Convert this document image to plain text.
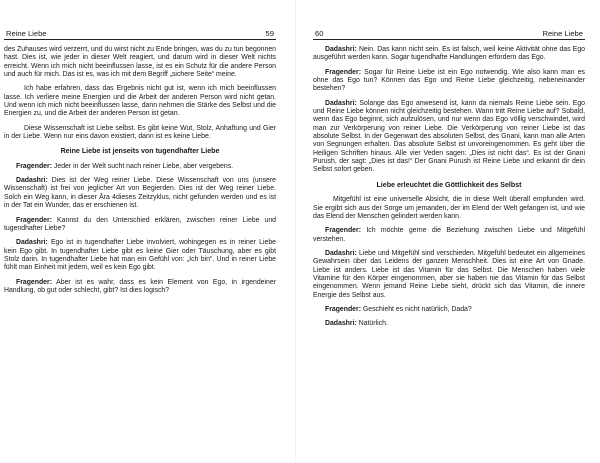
Reine Liebe	59

des Zuhauses wird verzerrt, und du wirst nicht zu Ende bringen, was du zu tun begonnen hast. Dies ist, wie jeder in dieser Welt reagiert, und darum wird in dieser Welt nichts erreicht. Wenn ich mich nicht beeinflussen lasse, ist es ein Schutz für die andere Person und auch für mich. Das ist es, was ich mit dem Begriff „sichere Seite“ meine.

Ich habe erfahren, dass das Ergebnis nicht gut ist, wenn ich mich beeinflussen lasse. Ich verliere meine Energien und die Arbeit der anderen Person wird nicht getan. Und wenn ich mich nicht beeinflussen lasse, dann nehmen die Stärke des Selbst und die Energien zu, und die Arbeit der anderen Person ist getan.

Diese Wissenschaft ist Liebe selbst. Es gibt keine Wut, Stolz, Anhaftung und Gier in der Liebe. Wenn nur eins davon existiert, dann ist es keine Liebe.

Reine Liebe ist jenseits von tugendhafter Liebe

Fragender: Jeder in der Welt sucht nach reiner Liebe, aber vergebens.

Dadashri: Dies ist der Weg reiner Liebe. Diese Wissenschaft von uns (unsere Wissenschaft) ist frei von jeglicher Art von Begierden. Dies ist der Weg reiner Liebe. Solch ein Weg kann, in dieser Āra 4dieses Zeitzyklus, nicht gefunden werden und es ist in der Tat ein Wunder, das er erschienen ist.

Fragender: Kannst du den Unterschied erklären, zwischen reiner Liebe und tugendhafter Liebe?

Dadashri: Ego ist in tugendhafter Liebe involviert, wohingegen es in reiner Liebe kein Ego gibt. In tugendhafter Liebe gibt es keine Gier oder Täuschung, aber es gibt Stolz darin. In tugendhafter Liebe hat man ein Gefühl von: „Ich bin“. Und in reiner Liebe fühlt man Einheit mit jedem, weil es kein Ego gibt.

Fragender: Aber ist es wahr, dass es kein Element von Ego, in irgendeiner Handlung, ob gut oder schlecht, gibt? Ist dies logisch?

60	Reine Liebe

Dadashri: Nein. Das kann nicht sein. Es ist falsch, weil keine Aktivität ohne das Ego ausgeführt werden kann. Sogar tugendhafte Handlungen erfordern das Ego.

Fragender: Sogar für Reine Liebe ist ein Ego notwendig. Wie also kann man es ohne das Ego tun? Können das Ego und Reine Liebe gleichzeitig, nebeneinander bestehen?

Dadashri: Solange das Ego anwesend ist, kann da niemals Reine Liebe sein. Ego und Reine Liebe können nicht gleichzeitig bestehen. Wann tritt Reine Liebe auf? Sobald, wenn das Ego beginnt, sich aufzulösen, und nur wenn das Ego völlig verschwindet, wird man zur Verkörperung von reiner Liebe. Die Verkörperung von reiner Liebe ist das absolute Selbst. In der Gegenwart des absoluten Selbst, des Gnani, kann man alle Arten von Segnungen erhalten. Das absolute Selbst ist unvoreingenommen. Es geht über die Heiligen Schriften hinaus. Alle vier Veden sagen: „Dies ist nicht das“. Es ist der Gnani Purush, der sagt: „Dies ist das!“ Der Gnani Purush ist Reine Liebe und erkannt dir dein Selbst sofort geben.

Liebe erleuchtet die Göttlichkeit des Selbst

Mitgefühl ist eine universelle Absicht, die in diese Welt überall empfunden wird. Sie ergibt sich aus der Sorge um jemanden, der im Elend der Welt gefangen ist, und wie das Elend der Menschen gelindert werden kann.

Fragender: Ich möchte gerne die Beziehung zwischen Liebe und Mitgefühl verstehen.

Dadashri: Liebe und Mitgefühl sind verschieden. Mitgefühl bedeutet ein allgemeines Gewahrsein über das Leidens der ganzen Menschheit. Dies ist eine Art von Gnade. Liebe ist anders. Liebe ist das Vitamin für das Selbst. Die Menschen haben viele Vitamine für den Körper eingenommen, aber sie haben nie das Vitamin für das Selbst eingenommen. Wenn jemand Reine Liebe sieht, drückt sich das Vitamin, die innere Energie des Selbst aus.

Fragender: Geschieht es nicht natürlich, Dada?

Dadashri: Natürlich.
